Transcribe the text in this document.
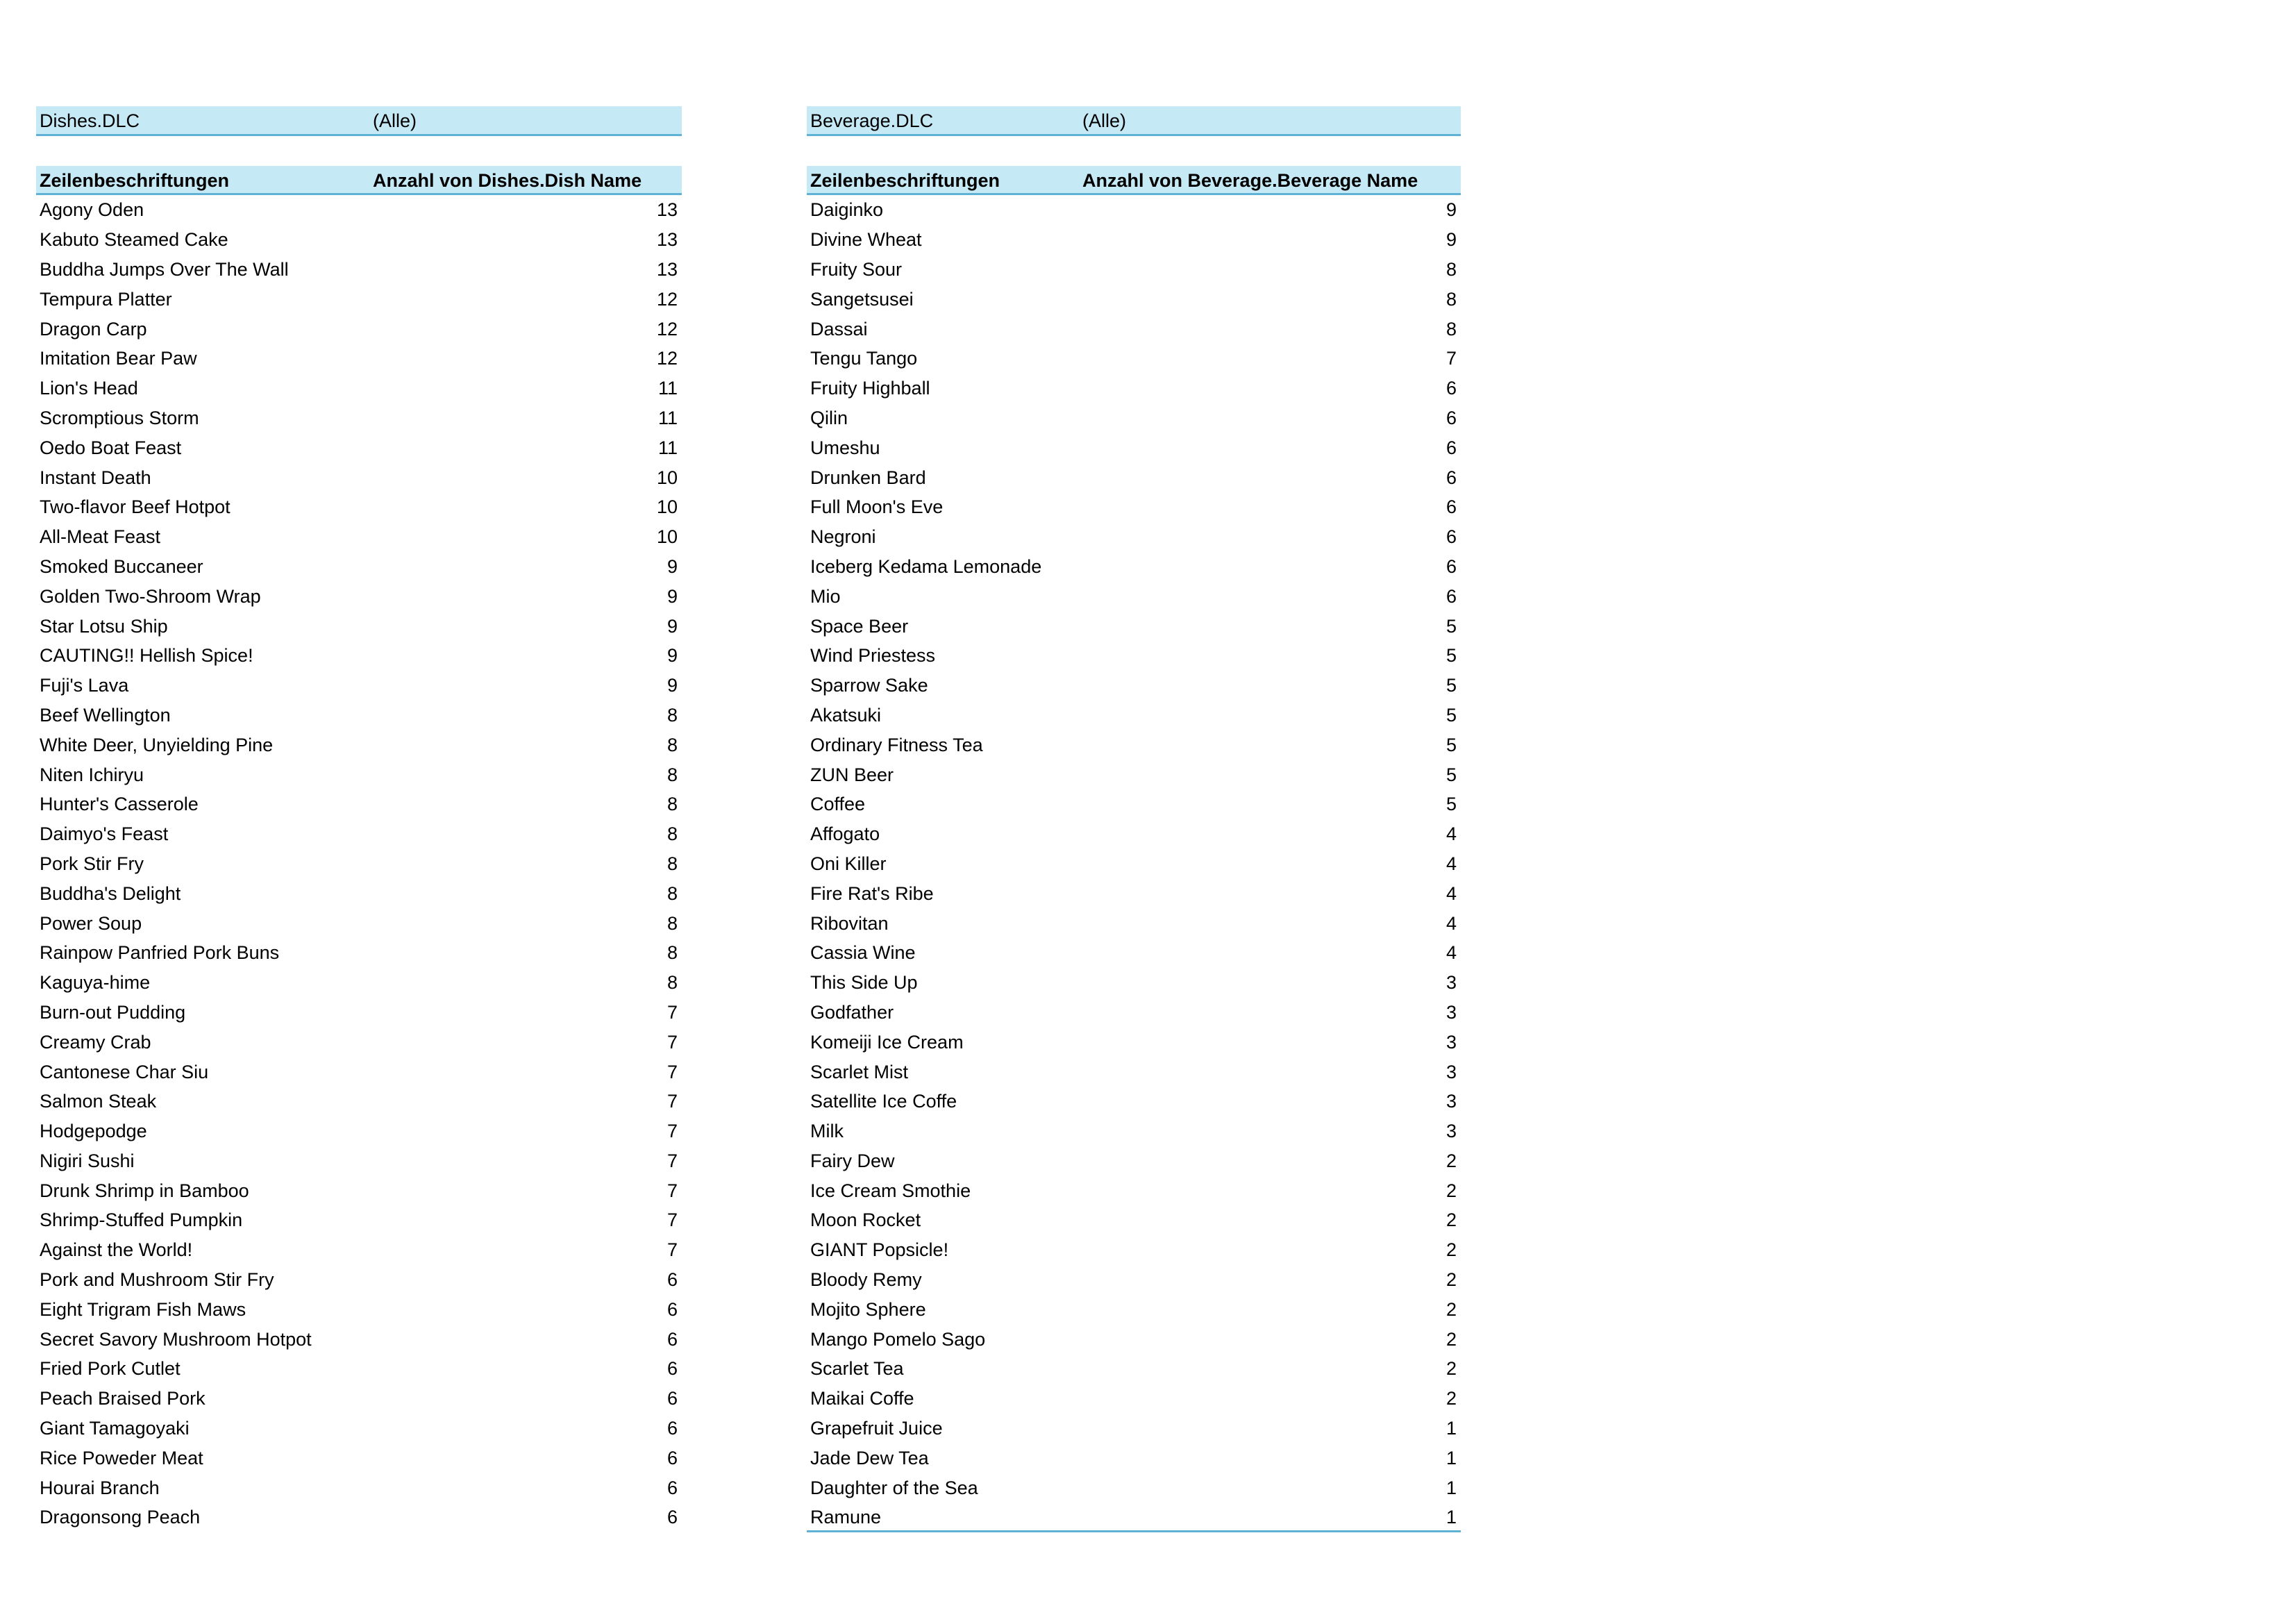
Dishes.DLC	(Alle)
Zeilenbeschriftungen	Anzahl von Dishes.Dish Name
Agony Oden	13
Kabuto Steamed Cake	13
Buddha Jumps Over The Wall	13
Tempura Platter	12
Dragon Carp	12
Imitation Bear Paw	12
Lion's Head	11
Scromptious Storm	11
Oedo Boat Feast	11
Instant Death	10
Two-flavor Beef Hotpot	10
All-Meat Feast	10
Smoked Buccaneer	9
Golden Two-Shroom Wrap	9
Star Lotsu Ship	9
CAUTING!! Hellish Spice!	9
Fuji's Lava	9
Beef Wellington	8
White Deer, Unyielding Pine	8
Niten Ichiryu	8
Hunter's Casserole	8
Daimyo's Feast	8
Pork Stir Fry	8
Buddha's Delight	8
Power Soup	8
Rainpow Panfried Pork Buns	8
Kaguya-hime	8
Burn-out Pudding	7
Creamy Crab	7
Cantonese Char Siu	7
Salmon Steak	7
Hodgepodge	7
Nigiri Sushi	7
Drunk Shrimp in Bamboo	7
Shrimp-Stuffed Pumpkin	7
Against the World!	7
Pork and Mushroom Stir Fry	6
Eight Trigram Fish Maws	6
Secret Savory Mushroom Hotpot	6
Fried Pork Cutlet	6
Peach Braised Pork	6
Giant Tamagoyaki	6
Rice Poweder Meat	6
Hourai Branch	6
Dragonsong Peach	6
Beverage.DLC	(Alle)
Zeilenbeschriftungen	Anzahl von Beverage.Beverage Name
Daiginko	9
Divine Wheat	9
Fruity Sour	8
Sangetsusei	8
Dassai	8
Tengu Tango	7
Fruity Highball	6
Qilin	6
Umeshu	6
Drunken Bard	6
Full Moon's Eve	6
Negroni	6
Iceberg Kedama Lemonade	6
Mio	6
Space Beer	5
Wind Priestess	5
Sparrow Sake	5
Akatsuki	5
Ordinary Fitness Tea	5
ZUN Beer	5
Coffee	5
Affogato	4
Oni Killer	4
Fire Rat's Ribe	4
Ribovitan	4
Cassia Wine	4
This Side Up	3
Godfather	3
Komeiji Ice Cream	3
Scarlet Mist	3
Satellite Ice Coffe	3
Milk	3
Fairy Dew	2
Ice Cream Smothie	2
Moon Rocket	2
GIANT Popsicle!	2
Bloody Remy	2
Mojito Sphere	2
Mango Pomelo Sago	2
Scarlet Tea	2
Maikai Coffe	2
Grapefruit Juice	1
Jade Dew Tea	1
Daughter of the Sea	1
Ramune	1
